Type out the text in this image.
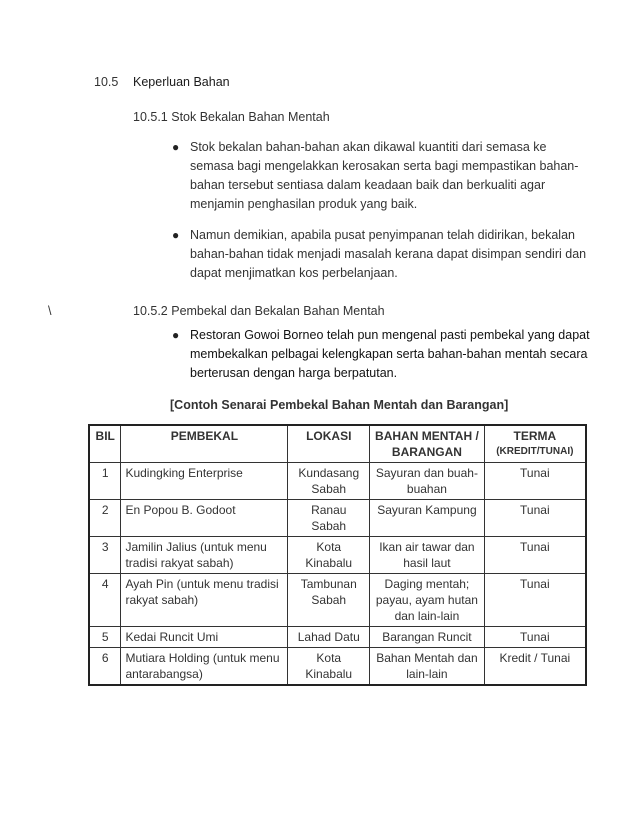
10.5 Keperluan Bahan
10.5.1 Stok Bekalan Bahan Mentah
● Stok bekalan bahan-bahan akan dikawal kuantiti dari semasa ke semasa bagi mengelakkan kerosakan serta bagi mempastikan bahan-bahan tersebut sentiasa dalam keadaan baik dan berkualiti agar menjamin penghasilan produk yang baik.
● Namun demikian, apabila pusat penyimpanan telah didirikan, bekalan bahan-bahan tidak menjadi masalah kerana dapat disimpan sendiri dan dapat menjimatkan kos perbelanjaan.
\	10.5.2 Pembekal dan Bekalan Bahan Mentah
● Restoran Gowoi Borneo telah pun mengenal pasti pembekal yang dapat membekalkan pelbagai kelengkapan serta bahan-bahan mentah secara berterusan dengan harga berpatutan.
[Contoh Senarai Pembekal Bahan Mentah dan Barangan]
BIL	PEMBEKAL	LOKASI	BAHAN MENTAH / BARANGAN	TERMA
(KREDIT/TUNAI)

1	Kudingking Enterprise	Kundasang Sabah	Sayuran dan buah-buahan	Tunai
2	En Popou B. Godoot	Ranau Sabah	Sayuran Kampung	Tunai
3	Jamilin Jalius (untuk menu tradisi rakyat sabah)	Kota Kinabalu	Ikan air tawar dan hasil laut	Tunai
4	Ayah Pin (untuk menu tradisi rakyat sabah)	Tambunan Sabah	Daging mentah; payau, ayam hutan dan lain-lain	Tunai
5	Kedai Runcit Umi	Lahad Datu	Barangan Runcit	Tunai
6	Mutiara Holding (untuk menu antarabangsa)	Kota Kinabalu	Bahan Mentah dan lain-lain	Kredit / Tunai
